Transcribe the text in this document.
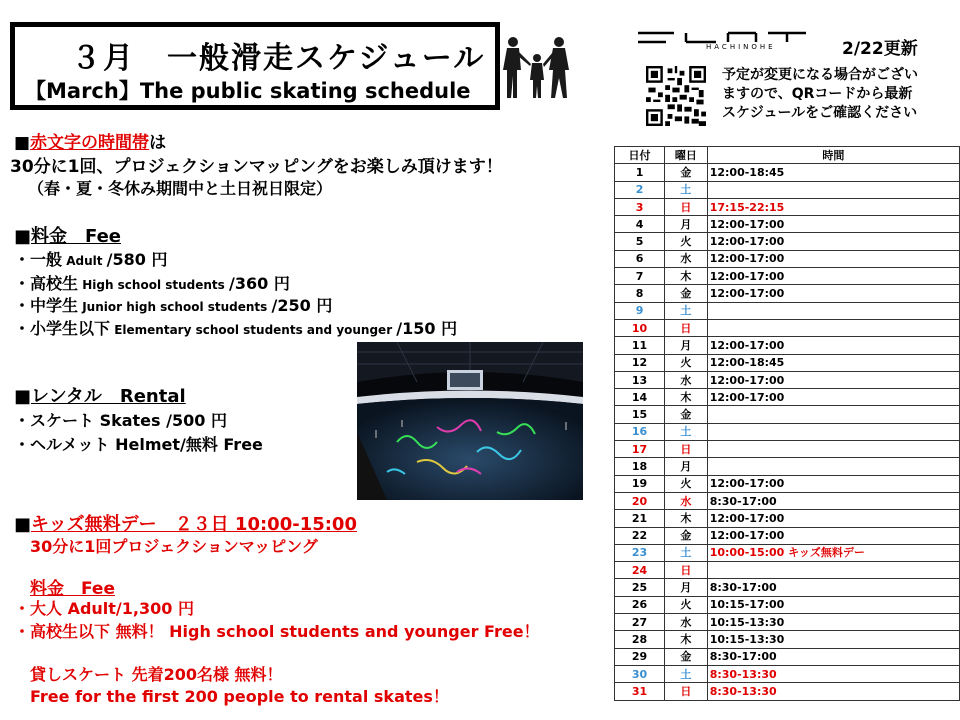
３月　一般滑走スケジュール
【March】The public skating schedule
HACHINOHE	2/22更新
予定が変更になる場合がござい
ますので、QRコードから最新
スケジュールをご確認ください
■赤文字の時間帯は
30分に1回、プロジェクションマッピングをお楽しみ頂けます！
（春・夏・冬休み期間中と土日祝日限定）
■料金　Fee
・一般 Adult /580 円
・高校生 High school students /360 円
・中学生 Junior high school students /250 円
・小学生以下 Elementary school students and younger /150 円
■レンタル　Rental
・スケート Skates /500 円
・ヘルメット Helmet/無料 Free
■キッズ無料デー　２３日 10:00-15:00
30分に1回プロジェクションマッピング
料金　Fee
・大人 Adult/1,300 円
・高校生以下 無料！ High school students and younger Free！
貸しスケート 先着200名様 無料！
Free for the first 200 people to rental skates！
日付	曜日	時間
1	金	12:00-18:45
2	土	
3	日	17:15-22:15
4	月	12:00-17:00
5	火	12:00-17:00
6	水	12:00-17:00
7	木	12:00-17:00
8	金	12:00-17:00
9	土	
10	日	
11	月	12:00-17:00
12	火	12:00-18:45
13	水	12:00-17:00
14	木	12:00-17:00
15	金	
16	土	
17	日	
18	月	
19	火	12:00-17:00
20	水	8:30-17:00
21	木	12:00-17:00
22	金	12:00-17:00
23	土	10:00-15:00 キッズ無料デー
24	日	
25	月	8:30-17:00
26	火	10:15-17:00
27	水	10:15-13:30
28	木	10:15-13:30
29	金	8:30-17:00
30	土	8:30-13:30
31	日	8:30-13:30
